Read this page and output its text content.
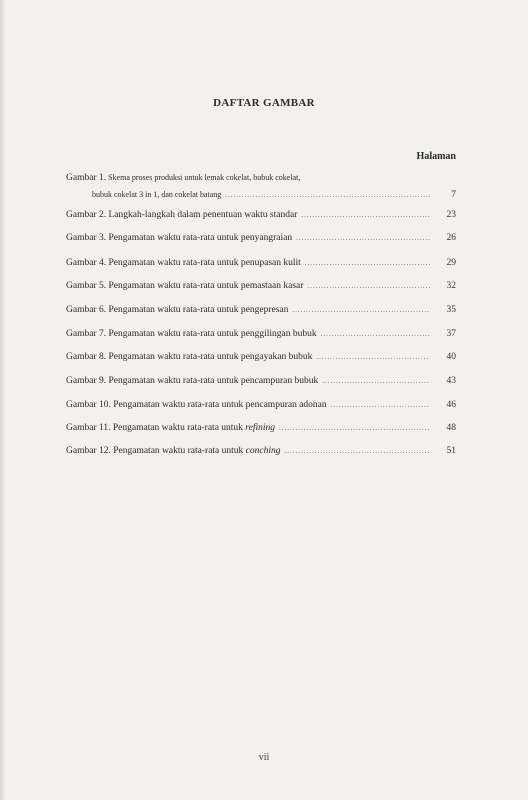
DAFTAR GAMBAR
Halaman
Gambar 1. Skema proses produksi untuk lemak cokelat, bubuk cokelat,
bubuk cokelat 3 in 1, dan cokelat batang .....	7
Gambar 2. Langkah-langkah dalam penentuan waktu standar .....	23
Gambar 3. Pengamatan waktu rata-rata untuk penyangraian .....	26
Gambar 4. Pengamatan waktu rata-rata untuk penupasan kulit .....	29
Gambar 5. Pengamatan waktu rata-rata untuk pemastaan kasar .....	32
Gambar 6. Pengamatan waktu rata-rata untuk pengepresan .....	35
Gambar 7. Pengamatan waktu rata-rata untuk penggilingan bubuk .....	37
Gambar 8. Pengamatan waktu rata-rata untuk pengayakan bubuk .....	40
Gambar 9. Pengamatan waktu rata-rata untuk pencampuran bubuk .....	43
Gambar 10. Pengamatan waktu rata-rata untuk pencampuran adonan .....	46
Gambar 11. Pengamatan waktu rata-rata untuk refining .....	48
Gambar 12. Pengamatan waktu rata-rata untuk conching .....	51
vii
